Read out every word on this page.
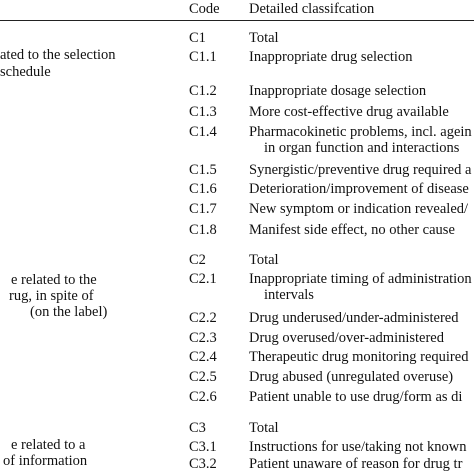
Code Detailed classifcation
ated to the selection
schedule
C1	Total
C1.1 Inappropriate drug selection
C1.2 Inappropriate dosage selection
C1.3 More cost-effective drug available
C1.4 Pharmacokinetic problems, incl. agein
in organ function and interactions
C1.5 Synergistic/preventive drug required a
C1.6 Deterioration/improvement of disease
C1.7 New symptom or indication revealed/
C1.8 Manifest side effect, no other cause
e related to the
rug, in spite of
(on the label)
C2	Total
C2.1 Inappropriate timing of administration
intervals
C2.2 Drug underused/under-administered
C2.3 Drug overused/over-administered
C2.4 Therapeutic drug monitoring required
C2.5 Drug abused (unregulated overuse)
C2.6 Patient unable to use drug/form as di
e related to a
of information
C3	Total
C3.1 Instructions for use/taking not known
C3.2 Patient unaware of reason for drug tr
